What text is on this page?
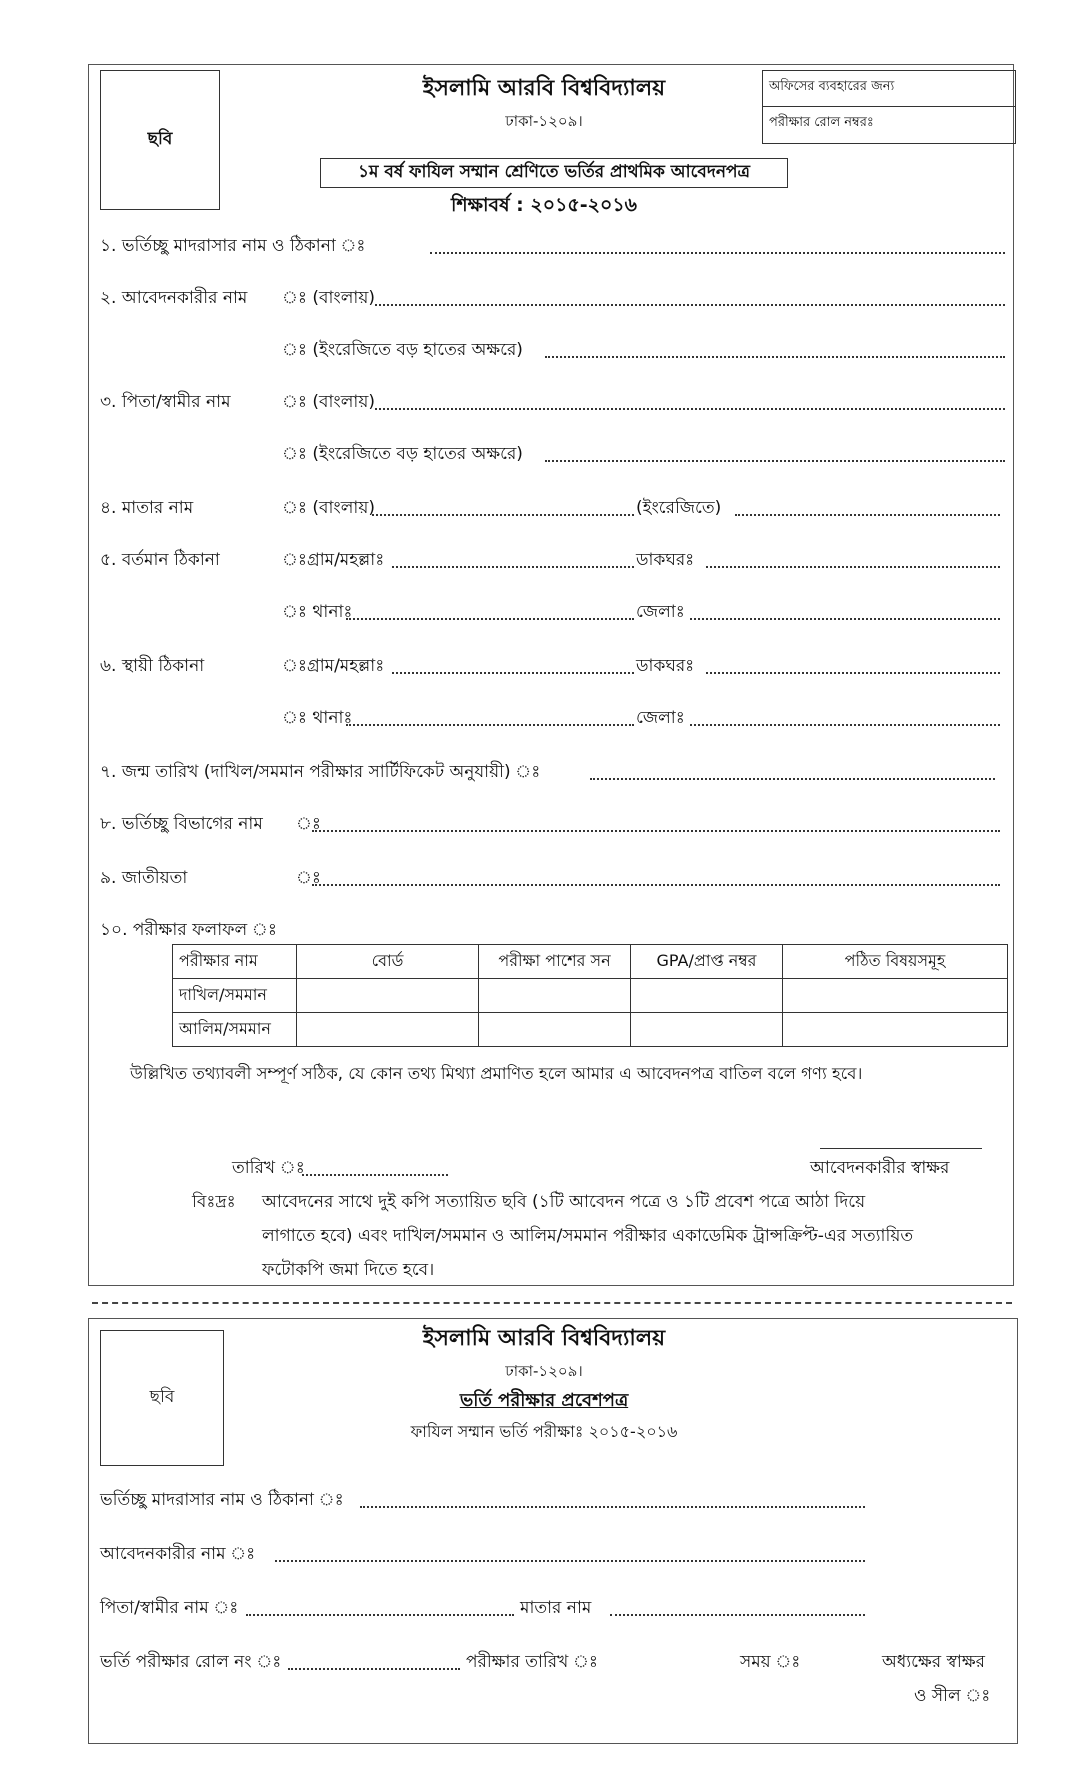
ছবি
ইসলামি আরবি বিশ্ববিদ্যালয়
ঢাকা-১২০৯।
অফিসের ব্যবহারের জন্য
পরীক্ষার রোল নম্বরঃ
১ম বর্ষ ফাযিল সম্মান শ্রেণিতে ভর্তির প্রাথমিক আবেদনপত্র
শিক্ষাবর্ষ : ২০১৫-২০১৬
১. ভর্তিচ্ছু মাদরাসার নাম ও ঠিকানা ঃ
২. আবেদনকারীর নাম ঃ (বাংলায়)
ঃ (ইংরেজিতে বড় হাতের অক্ষরে)
৩. পিতা/স্বামীর নাম	ঃ (বাংলায়)
ঃ (ইংরেজিতে বড় হাতের অক্ষরে)
৪. মাতার নাম	ঃ (বাংলায়)	(ইংরেজিতে)
৫. বর্তমান ঠিকানা	ঃগ্রাম/মহল্লাঃ	ডাকঘরঃ
ঃ থানাঃ	জেলাঃ
৬. স্থায়ী ঠিকানা	ঃগ্রাম/মহল্লাঃ	ডাকঘরঃ
ঃ থানাঃ	জেলাঃ
৭. জন্ম তারিখ (দাখিল/সমমান পরীক্ষার সার্টিফিকেট অনুযায়ী) ঃ
৮. ভর্তিচ্ছু বিভাগের নাম ঃ
৯. জাতীয়তা	ঃ
১০. পরীক্ষার ফলাফল ঃ
পরীক্ষার নাম	বোর্ড	পরীক্ষা পাশের সন	GPA/প্রাপ্ত নম্বর	পঠিত বিষয়সমূহ
দাখিল/সমমান				
আলিম/সমমান				
উল্লিখিত তথ্যাবলী সম্পূর্ণ সঠিক, যে কোন তথ্য মিথ্যা প্রমাণিত হলে আমার এ আবেদনপত্র বাতিল বলে গণ্য হবে।
তারিখ ঃ	আবেদনকারীর স্বাক্ষর
বিঃদ্রঃ আবেদনের সাথে দুই কপি সত্যায়িত ছবি (১টি আবেদন পত্রে ও ১টি প্রবেশ পত্রে আঠা দিয়ে
লাগাতে হবে) এবং দাখিল/সমমান ও আলিম/সমমান পরীক্ষার একাডেমিক ট্রান্সক্রিপ্ট-এর সত্যায়িত
ফটোকপি জমা দিতে হবে।
ছবি
ইসলামি আরবি বিশ্ববিদ্যালয়
ঢাকা-১২০৯।
ভর্তি পরীক্ষার প্রবেশপত্র
ফাযিল সম্মান ভর্তি পরীক্ষাঃ ২০১৫-২০১৬
ভর্তিচ্ছু মাদরাসার নাম ও ঠিকানা ঃ
আবেদনকারীর নাম ঃ
পিতা/স্বামীর নাম ঃ	মাতার নাম
ভর্তি পরীক্ষার রোল নং ঃ	পরীক্ষার তারিখ ঃ	সময় ঃ	অধ্যক্ষের স্বাক্ষর
ও সীল ঃ
